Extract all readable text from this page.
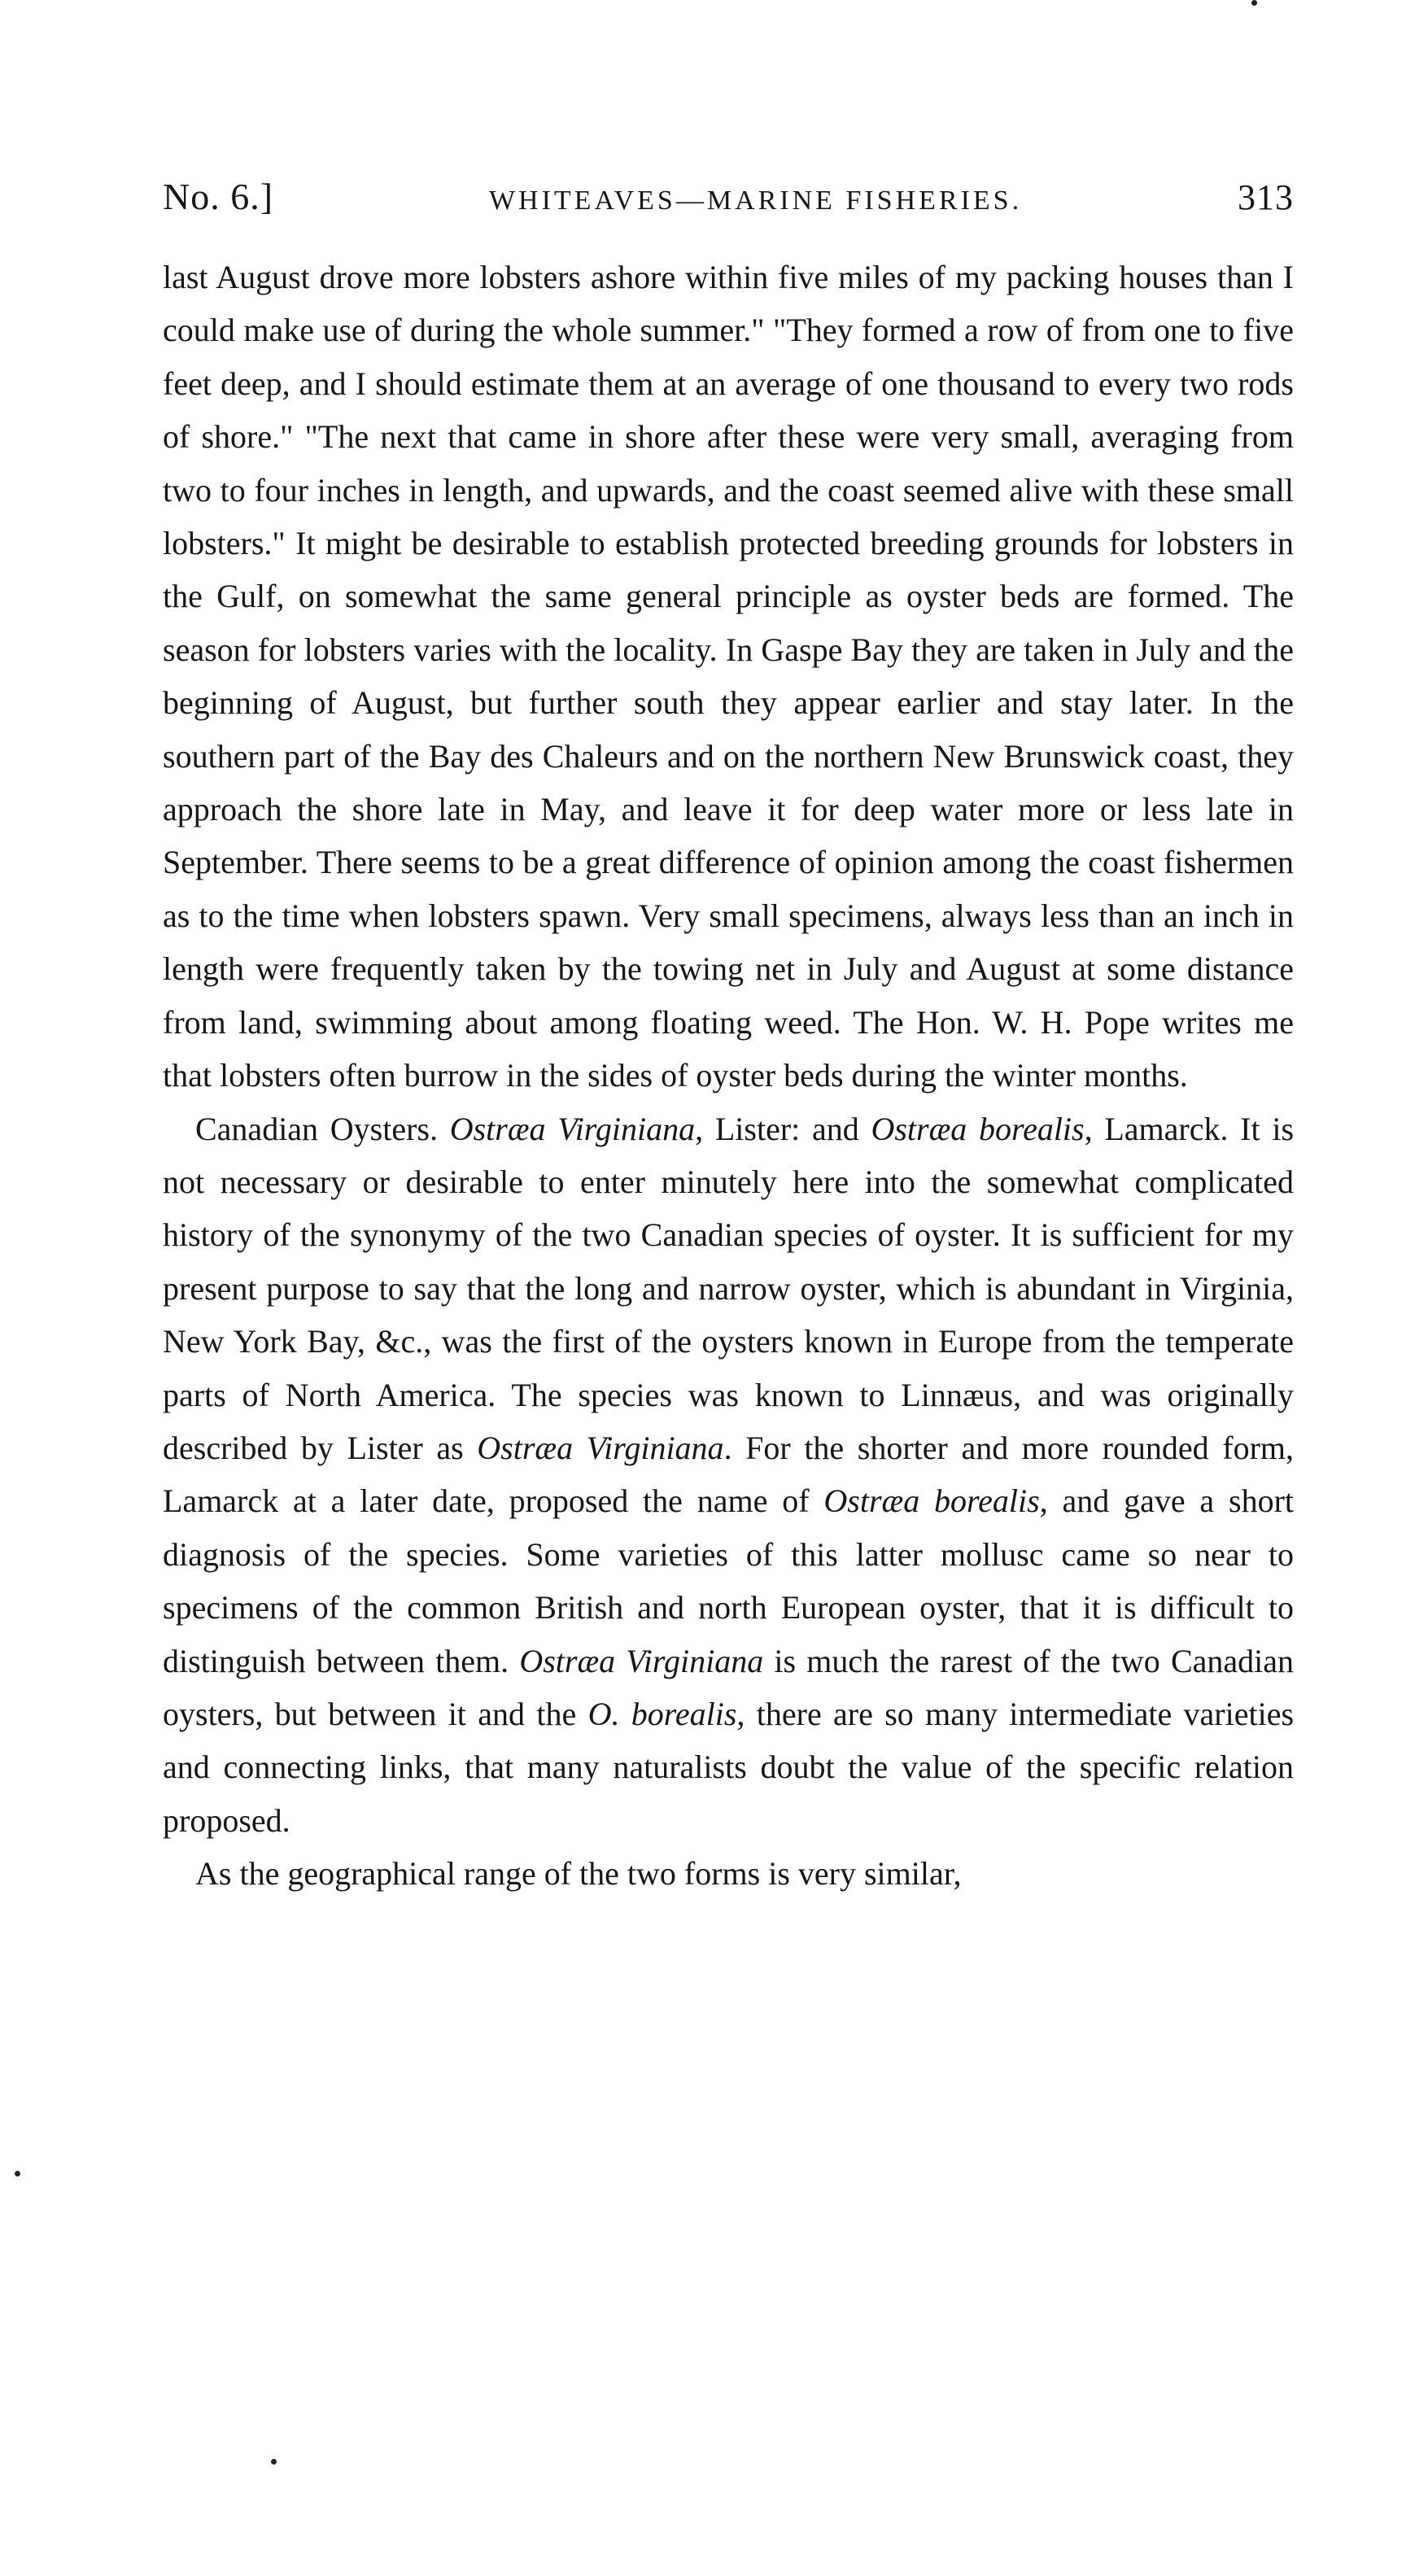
No. 6.]	WHITEAVES—MARINE FISHERIES.	313

last August drove more lobsters ashore within five miles of my packing houses than I could make use of during the whole summer." "They formed a row of from one to five feet deep, and I should estimate them at an average of one thousand to every two rods of shore." "The next that came in shore after these were very small, averaging from two to four inches in length, and upwards, and the coast seemed alive with these small lobsters." It might be desirable to establish protected breeding grounds for lobsters in the Gulf, on somewhat the same general principle as oyster beds are formed. The season for lobsters varies with the locality. In Gaspe Bay they are taken in July and the beginning of August, but further south they appear earlier and stay later. In the southern part of the Bay des Chaleurs and on the northern New Brunswick coast, they approach the shore late in May, and leave it for deep water more or less late in September. There seems to be a great difference of opinion among the coast fishermen as to the time when lobsters spawn. Very small specimens, always less than an inch in length were frequently taken by the towing net in July and August at some distance from land, swimming about among floating weed. The Hon. W. H. Pope writes me that lobsters often burrow in the sides of oyster beds during the winter months.

Canadian Oysters. Ostræa Virginiana, Lister: and Ostræa borealis, Lamarck. It is not necessary or desirable to enter minutely here into the somewhat complicated history of the synonymy of the two Canadian species of oyster. It is sufficient for my present purpose to say that the long and narrow oyster, which is abundant in Virginia, New York Bay, &c., was the first of the oysters known in Europe from the temperate parts of North America. The species was known to Linnæus, and was originally described by Lister as Ostræa Virginiana. For the shorter and more rounded form, Lamarck at a later date, proposed the name of Ostræa borealis, and gave a short diagnosis of the species. Some varieties of this latter mollusc came so near to specimens of the common British and north European oyster, that it is difficult to distinguish between them. Ostræa Virginiana is much the rarest of the two Canadian oysters, but between it and the O. borealis, there are so many intermediate varieties and connecting links, that many naturalists doubt the value of the specific relation proposed.

As the geographical range of the two forms is very similar,
